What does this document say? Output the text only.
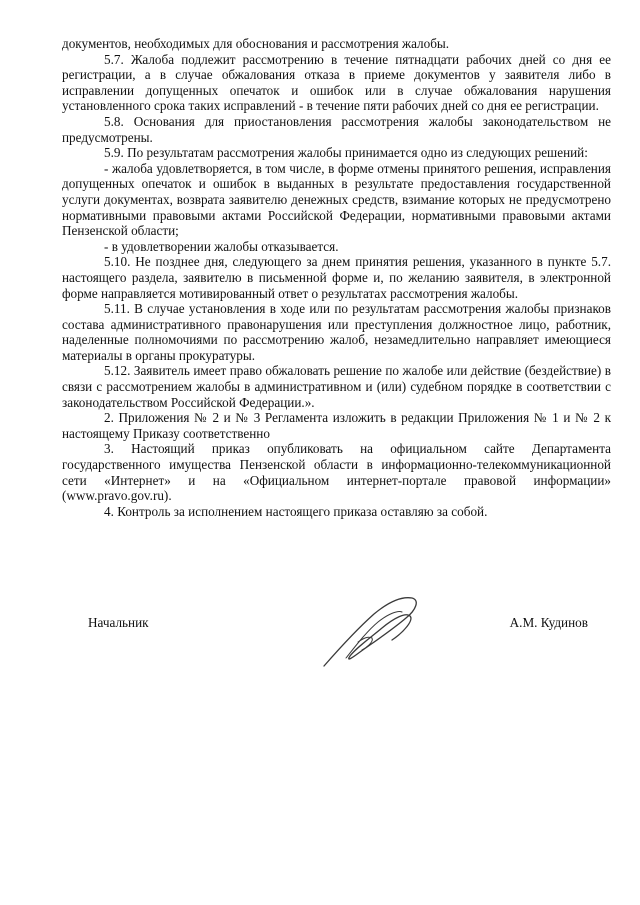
документов, необходимых для обоснования и рассмотрения жалобы.

5.7. Жалоба подлежит рассмотрению в течение пятнадцати рабочих дней со дня ее регистрации, а в случае обжалования отказа в приеме документов у заявителя либо в исправлении допущенных опечаток и ошибок или в случае обжалования нарушения установленного срока таких исправлений - в течение пяти рабочих дней со дня ее регистрации.

5.8. Основания для приостановления рассмотрения жалобы законодательством не предусмотрены.

5.9. По результатам рассмотрения жалобы принимается одно из следующих решений:

- жалоба удовлетворяется, в том числе, в форме отмены принятого решения, исправления допущенных опечаток и ошибок в выданных в результате предоставления государственной услуги документах, возврата заявителю денежных средств, взимание которых не предусмотрено нормативными правовыми актами Российской Федерации, нормативными правовыми актами Пензенской области;

- в удовлетворении жалобы отказывается.

5.10. Не позднее дня, следующего за днем принятия решения, указанного в пункте 5.7. настоящего раздела, заявителю в письменной форме и, по желанию заявителя, в электронной форме направляется мотивированный ответ о результатах рассмотрения жалобы.

5.11. В случае установления в ходе или по результатам рассмотрения жалобы признаков состава административного правонарушения или преступления должностное лицо, работник, наделенные полномочиями по рассмотрению жалоб, незамедлительно направляет имеющиеся материалы в органы прокуратуры.

5.12. Заявитель имеет право обжаловать решение по жалобе или действие (бездействие) в связи с рассмотрением жалобы в административном и (или) судебном порядке в соответствии с законодательством Российской Федерации.».

2. Приложения № 2 и № 3 Регламента изложить в редакции Приложения № 1 и № 2 к настоящему Приказу соответственно

3. Настоящий приказ опубликовать на официальном сайте Департамента государственного имущества Пензенской области в информационно-телекоммуникационной сети «Интернет» и на «Официальном интернет-портале правовой информации» (www.pravo.gov.ru).

4. Контроль за исполнением настоящего приказа оставляю за собой.

Начальник	А.М. Кудинов
